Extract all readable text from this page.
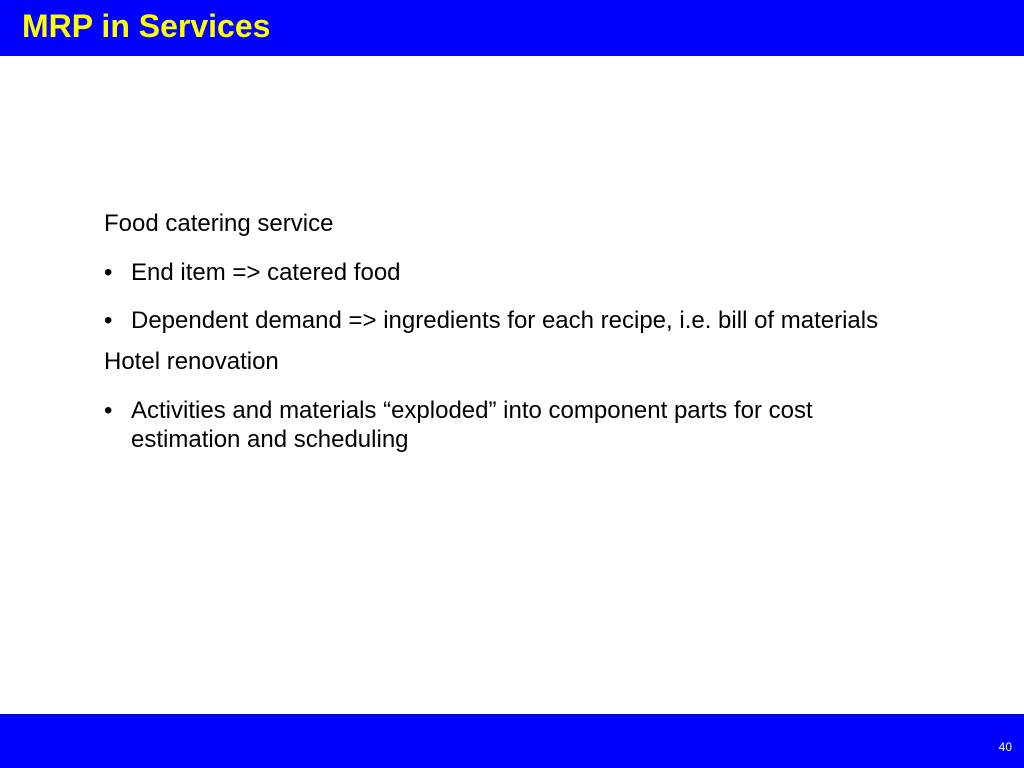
MRP in Services

Food catering service

• End item => catered food
• Dependent demand => ingredients for each recipe, i.e. bill of materials

Hotel renovation

• Activities and materials “exploded” into component parts for cost estimation and scheduling
40
